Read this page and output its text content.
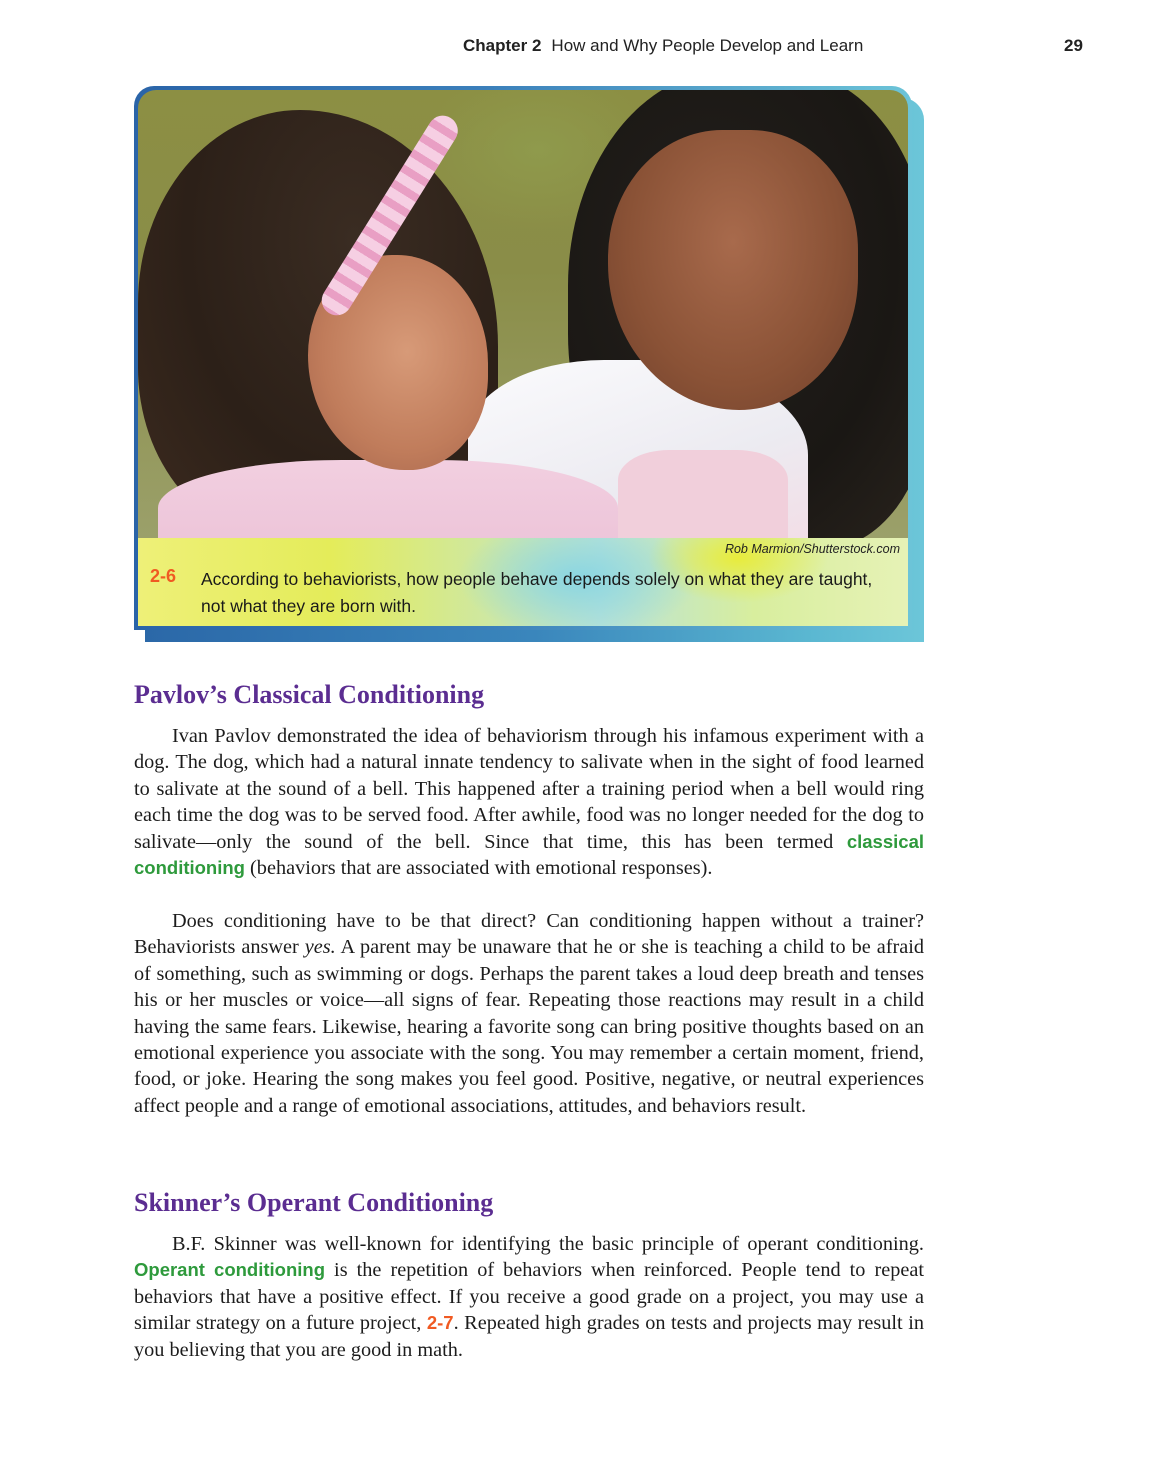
Chapter 2 How and Why People Develop and Learn	29
Rob Marmion/Shutterstock.com
2-6 According to behaviorists, how people behave depends solely on what they are taught, not what they are born with.
Pavlov’s Classical Conditioning

Ivan Pavlov demonstrated the idea of behaviorism through his infamous experiment with a dog. The dog, which had a natural innate tendency to salivate when in the sight of food learned to salivate at the sound of a bell. This happened after a training period when a bell would ring each time the dog was to be served food. After awhile, food was no longer needed for the dog to salivate—only the sound of the bell. Since that time, this has been termed classical conditioning (behaviors that are associated with emotional responses).

Does conditioning have to be that direct? Can conditioning happen without a trainer? Behaviorists answer yes. A parent may be unaware that he or she is teaching a child to be afraid of something, such as swimming or dogs. Perhaps the parent takes a loud deep breath and tenses his or her muscles or voice—all signs of fear. Repeating those reactions may result in a child having the same fears. Likewise, hearing a favorite song can bring positive thoughts based on an emotional experience you associate with the song. You may remember a certain moment, friend, food, or joke. Hearing the song makes you feel good. Positive, negative, or neutral experiences affect people and a range of emotional associations, attitudes, and behaviors result.

Skinner’s Operant Conditioning

B.F. Skinner was well-known for identifying the basic principle of operant conditioning. Operant conditioning is the repetition of behaviors when reinforced. People tend to repeat behaviors that have a positive effect. If you receive a good grade on a project, you may use a similar strategy on a future project, 2-7. Repeated high grades on tests and projects may result in you believing that you are good in math.
